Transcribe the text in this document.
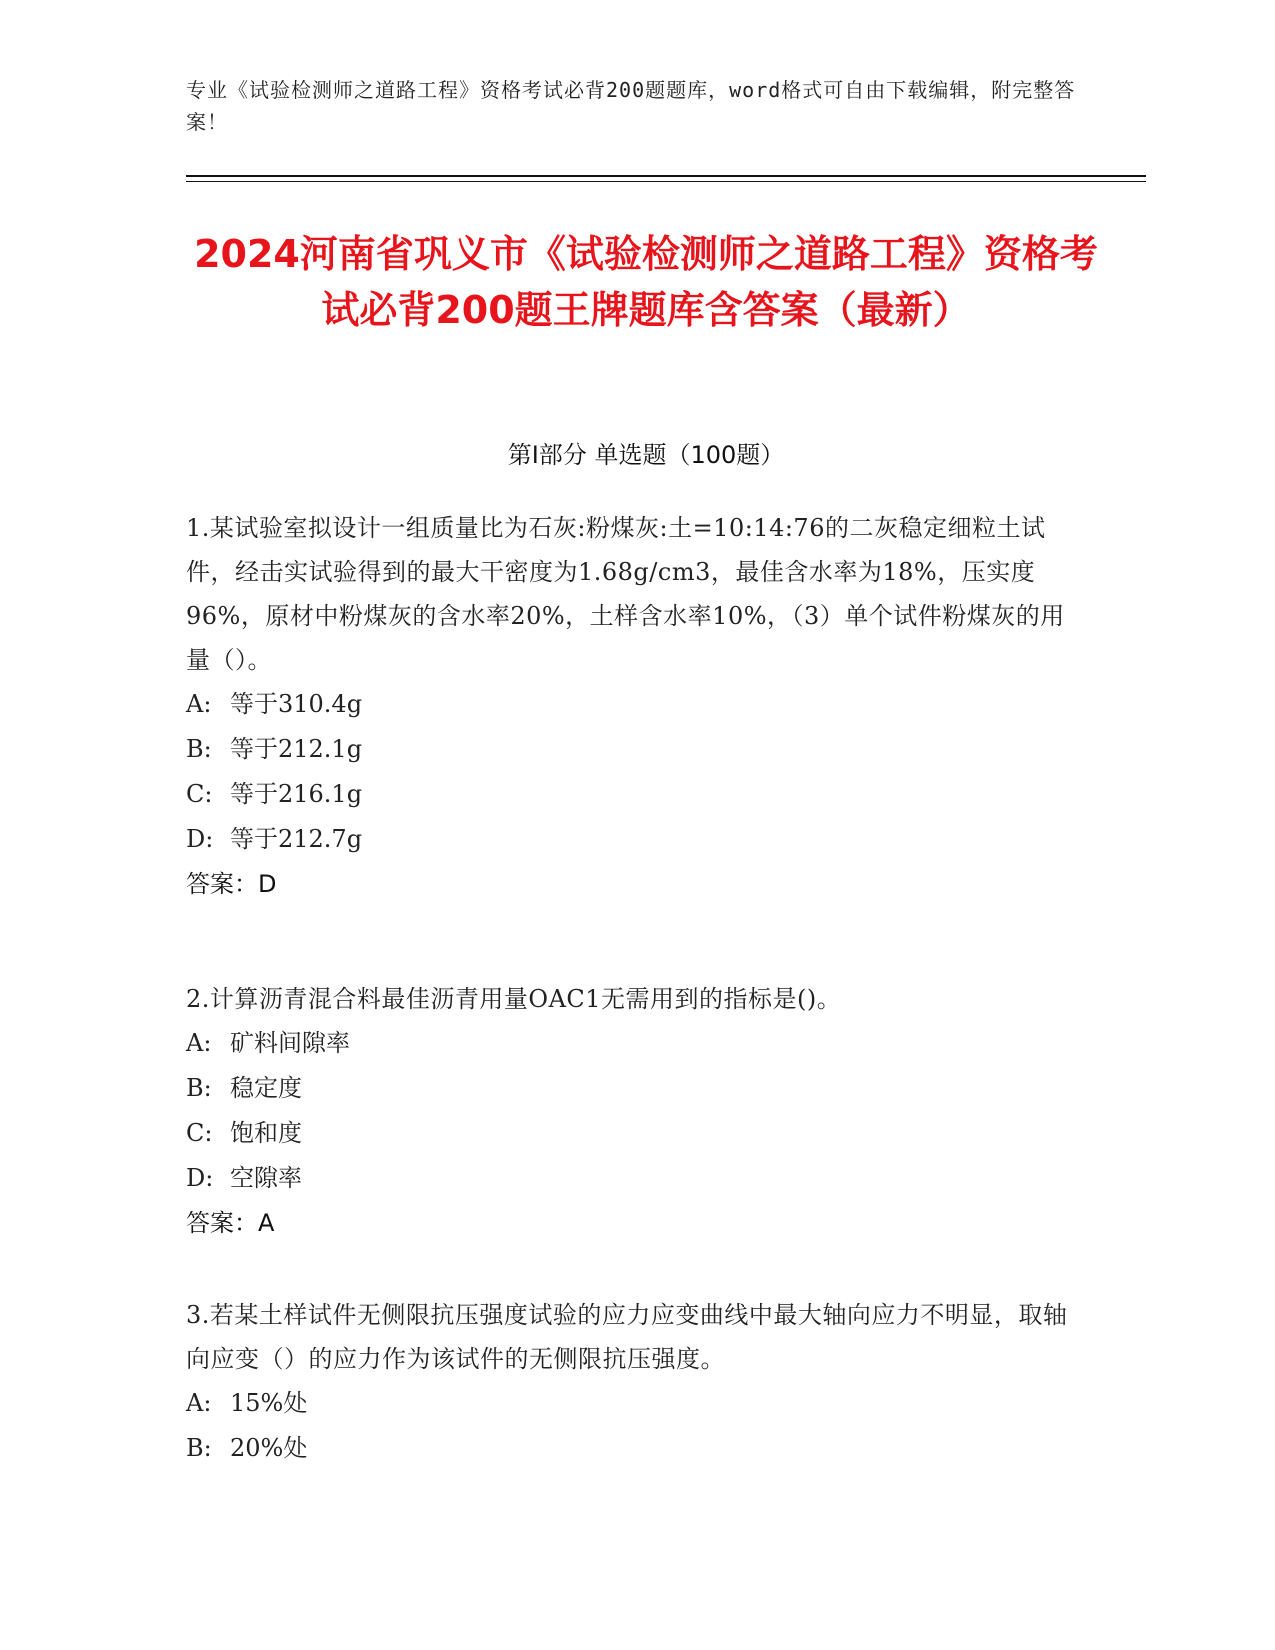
专业《试验检测师之道路工程》资格考试必背200题题库，word格式可自由下载编辑，附完整答案！
2024河南省巩义市《试验检测师之道路工程》资格考试必背200题王牌题库含答案（最新）
第Ⅰ部分 单选题（100题）

1.某试验室拟设计一组质量比为石灰:粉煤灰:土=10:14:76的二灰稳定细粒土试件，经击实试验得到的最大干密度为1.68g/cm3，最佳含水率为18%，压实度96%，原材中粉煤灰的含水率20%，土样含水率10%，（3）单个试件粉煤灰的用量（）。

A: 等于310.4g
B: 等于212.1g
C: 等于216.1g
D: 等于212.7g
答案：D

2.计算沥青混合料最佳沥青用量OAC1无需用到的指标是()。

A: 矿料间隙率
B: 稳定度
C: 饱和度
D: 空隙率
答案：A

3.若某土样试件无侧限抗压强度试验的应力应变曲线中最大轴向应力不明显，取轴向应变（）的应力作为该试件的无侧限抗压强度。

A: 15%处
B: 20%处
